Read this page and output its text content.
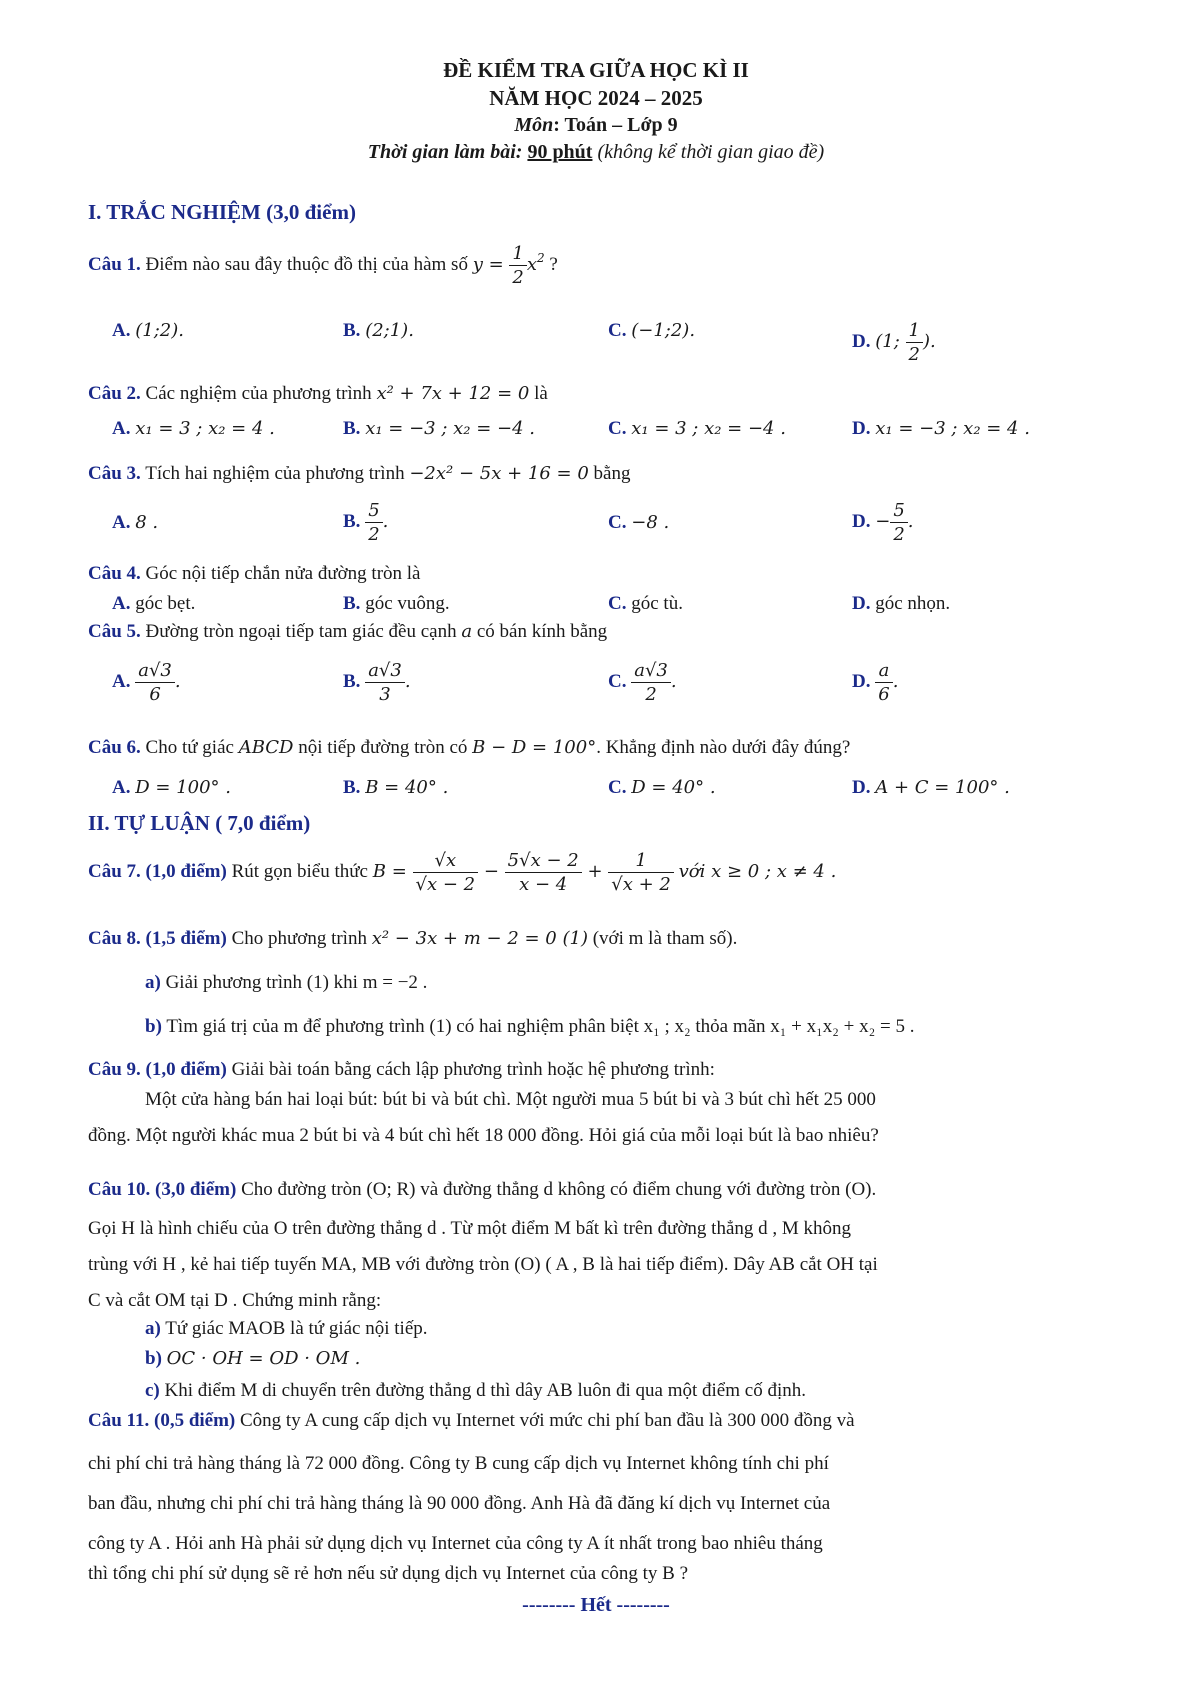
ĐỀ KIỂM TRA GIỮA HỌC KÌ II
NĂM HỌC 2024 – 2025
Môn: Toán – Lớp 9
Thời gian làm bài: 90 phút (không kể thời gian giao đề)
I. TRẮC NGHIỆM (3,0 điểm)
Câu 1. Điểm nào sau đây thuộc đồ thị của hàm số $y = \frac{1}{2} x^2$ ?
A. (1;2).	B. (2;1).	C. (−1;2).
D. (1; $\frac{1}{2}$ ).
Câu 2. Các nghiệm của phương trình x² + 7x + 12 = 0 là
A. x₁ = 3 ; x₂ = 4 .	B. x₁ = −3 ; x₂ = −4 .	C. x₁ = 3 ; x₂ = −4 .	D. x₁ = −3 ; x₂ = 4 .
Câu 3. Tích hai nghiệm của phương trình −2x² − 5x + 16 = 0 bằng
A. 8 .	B. $\frac{5}{2}$ .	C. −8 .	D. − $\frac{5}{2}$ .
Câu 4. Góc nội tiếp chắn nửa đường tròn là
A. góc bẹt.	B. góc vuông.	C. góc tù.	D. góc nhọn.
Câu 5. Đường tròn ngoại tiếp tam giác đều cạnh a có bán kính bằng
A. $\frac{a√3}{6}$ .	B. $\frac{a√3}{3}$ .	C. $\frac{a√3}{2}$ .	D. $\frac{a}{6}$ .
Câu 6. Cho tứ giác ABCD nội tiếp đường tròn có B − D = 100°. Khẳng định nào dưới đây đúng?
A. D = 100° .	B. B = 40° .	C. D = 40° .	D. A + C = 100° .
II. TỰ LUẬN ( 7,0 điểm)
Câu 7. (1,0 điểm) Rút gọn biểu thức $B = \frac{√x}{√x - 2} - \frac{5√x - 2}{x - 4} + \frac{1}{√x + 2}$ với x ≥ 0 ; x ≠ 4 .
Câu 8. (1,5 điểm) Cho phương trình x² − 3x + m − 2 = 0 (1) (với m là tham số).
a) Giải phương trình (1) khi m = −2 .
b) Tìm giá trị của m để phương trình (1) có hai nghiệm phân biệt x₁ ; x₂ thỏa mãn x₁ + x₁x₂ + x₂ = 5 .
Câu 9. (1,0 điểm) Giải bài toán bằng cách lập phương trình hoặc hệ phương trình:
Một cửa hàng bán hai loại bút: bút bi và bút chì. Một người mua 5 bút bi và 3 bút chì hết 25 000
đồng. Một người khác mua 2 bút bi và 4 bút chì hết 18 000 đồng. Hỏi giá của mỗi loại bút là bao nhiêu?
Câu 10. (3,0 điểm) Cho đường tròn (O; R) và đường thẳng d không có điểm chung với đường tròn (O).
Gọi H là hình chiếu của O trên đường thẳng d . Từ một điểm M bất kì trên đường thẳng d , M không
trùng với H , kẻ hai tiếp tuyến MA, MB với đường tròn (O) ( A , B là hai tiếp điểm). Dây AB cắt OH tại
C và cắt OM tại D . Chứng minh rằng:
a) Tứ giác MAOB là tứ giác nội tiếp.
b) OC · OH = OD · OM .
c) Khi điểm M di chuyển trên đường thẳng d thì dây AB luôn đi qua một điểm cố định.
Câu 11. (0,5 điểm) Công ty A cung cấp dịch vụ Internet với mức chi phí ban đầu là 300 000 đồng và
chi phí chi trả hàng tháng là 72 000 đồng. Công ty B cung cấp dịch vụ Internet không tính chi phí
ban đầu, nhưng chi phí chi trả hàng tháng là 90 000 đồng. Anh Hà đã đăng kí dịch vụ Internet của
công ty A . Hỏi anh Hà phải sử dụng dịch vụ Internet của công ty A ít nhất trong bao nhiêu tháng
thì tổng chi phí sử dụng sẽ rẻ hơn nếu sử dụng dịch vụ Internet của công ty B ?
-------- Hết --------
